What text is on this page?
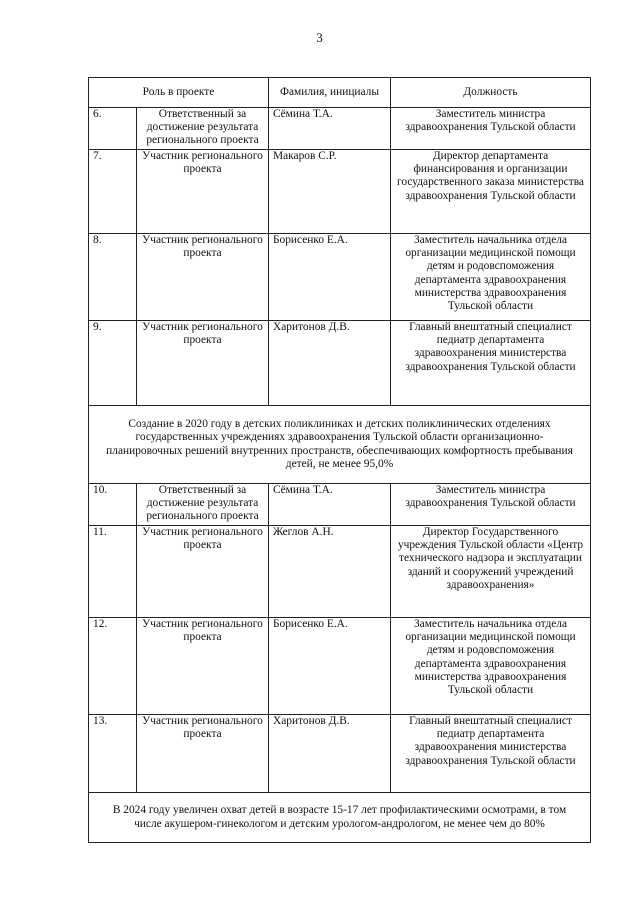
3
Роль в проекте		Фамилия, инициалы	Должность
6.	Ответственный за достижение результата регионального проекта	Сёмина Т.А.	Заместитель министра здравоохранения Тульской области
7.	Участник регионального проекта	Макаров С.Р.	Директор департамента финансирования и организации государственного заказа министерства здравоохранения Тульской области
8.	Участник регионального проекта	Борисенко Е.А.	Заместитель начальника отдела организации медицинской помощи детям и родовспоможения департамента здравоохранения министерства здравоохранения Тульской области
9.	Участник регионального проекта	Харитонов Д.В.	Главный внештатный специалист педиатр департамента здравоохранения министерства здравоохранения Тульской области
Создание в 2020 году в детских поликлиниках и детских поликлинических отделениях государственных учреждениях здравоохранения Тульской области организационно-планировочных решений внутренних пространств, обеспечивающих комфортность пребывания детей, не менее 95,0%			
10.	Ответственный за достижение результата регионального проекта	Сёмина Т.А.	Заместитель министра здравоохранения Тульской области
11.	Участник регионального проекта	Жеглов А.Н.	Директор Государственного учреждения Тульской области «Центр технического надзора и эксплуатации зданий и сооружений учреждений здравоохранения»
12.	Участник регионального проекта	Борисенко Е.А.	Заместитель начальника отдела организации медицинской помощи детям и родовспоможения департамента здравоохранения министерства здравоохранения Тульской области
13.	Участник регионального проекта	Харитонов Д.В.	Главный внештатный специалист педиатр департамента здравоохранения министерства здравоохранения Тульской области
В 2024 году увеличен охват детей в возрасте 15-17 лет профилактическими осмотрами, в том числе акушером-гинекологом и детским урологом-андрологом, не менее чем до 80%			
